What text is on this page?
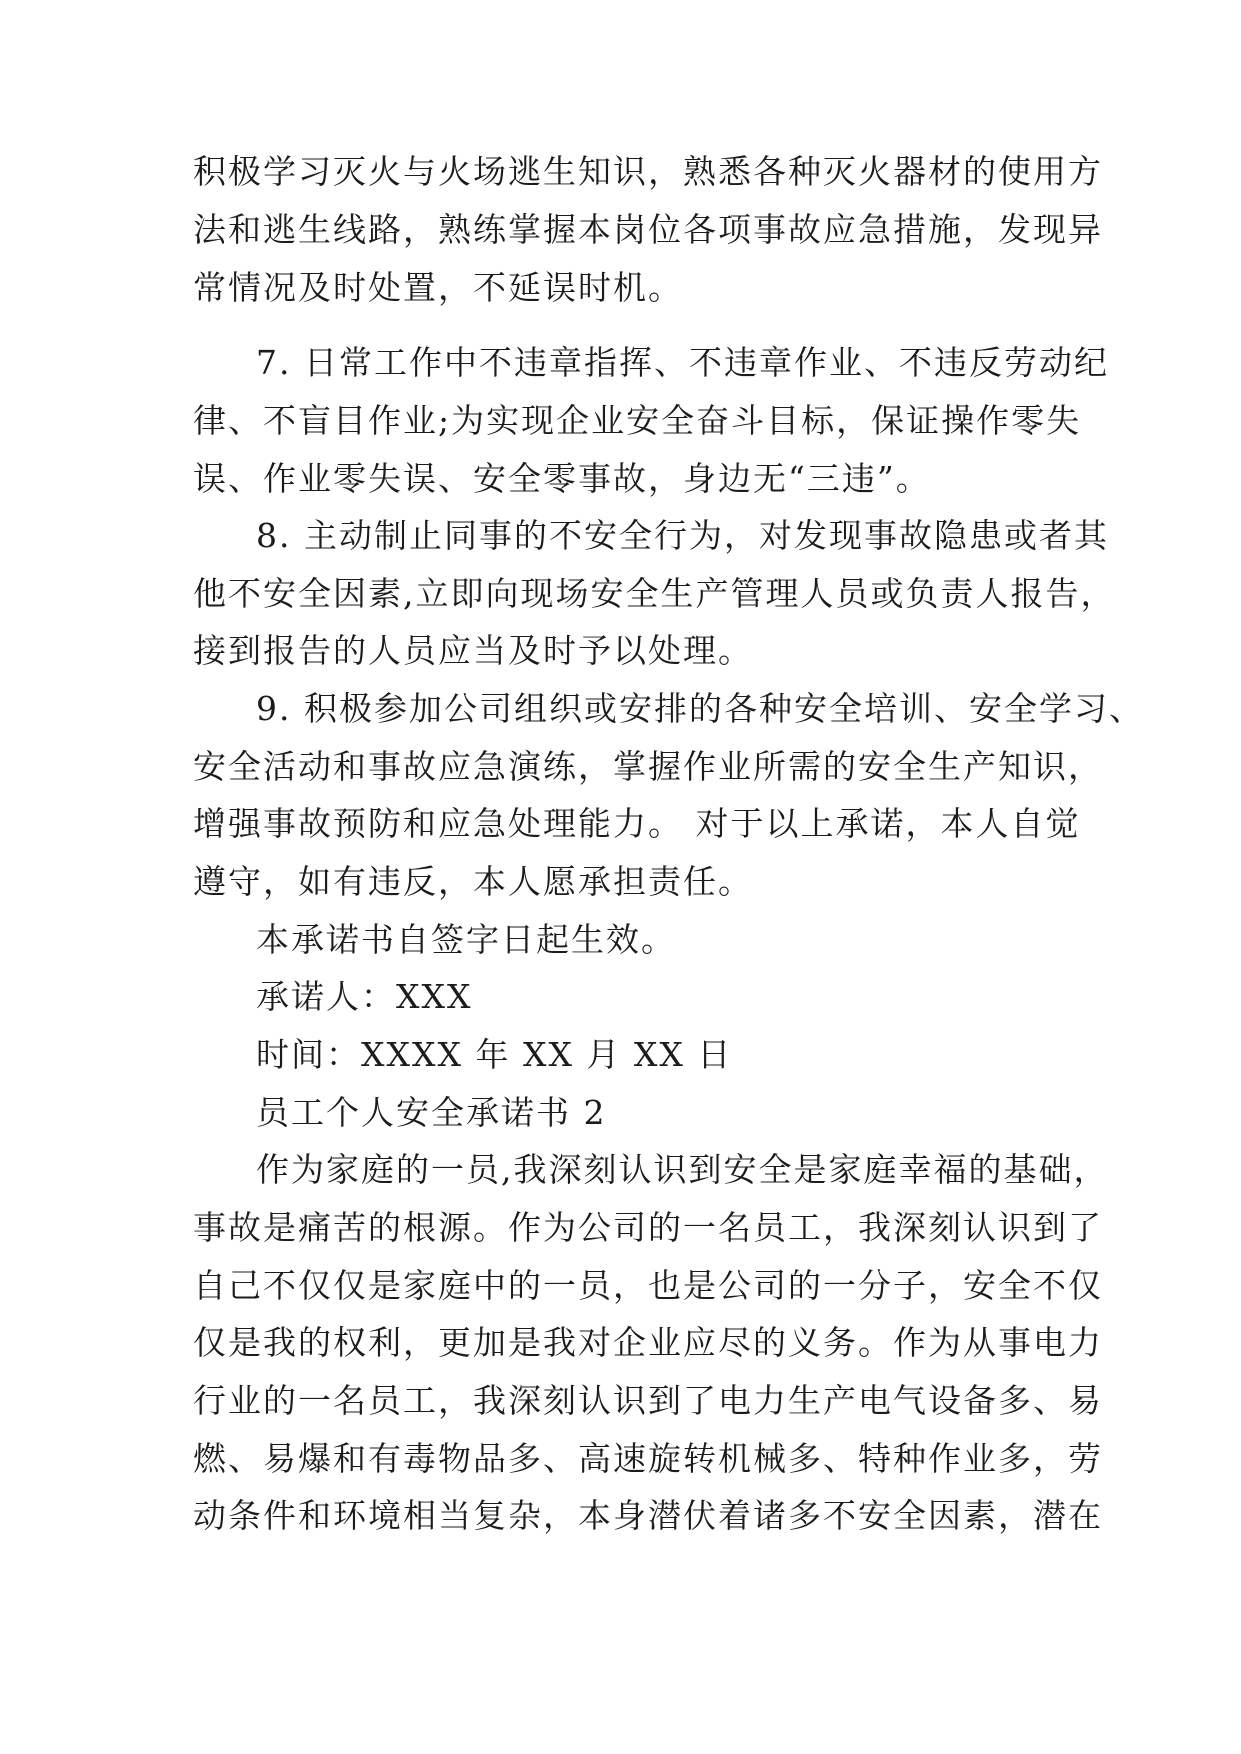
积极学习灭火与火场逃生知识，熟悉各种灭火器材的使用方
法和逃生线路，熟练掌握本岗位各项事故应急措施，发现异
常情况及时处置，不延误时机。
7. 日常工作中不违章指挥、不违章作业、不违反劳动纪
律、不盲目作业;为实现企业安全奋斗目标，保证操作零失
误、作业零失误、安全零事故，身边无“三违”。
8. 主动制止同事的不安全行为，对发现事故隐患或者其
他不安全因素,立即向现场安全生产管理人员或负责人报告，
接到报告的人员应当及时予以处理。
9. 积极参加公司组织或安排的各种安全培训、安全学习、
安全活动和事故应急演练，掌握作业所需的安全生产知识，
增强事故预防和应急处理能力。 对于以上承诺，本人自觉
遵守，如有违反，本人愿承担责任。
本承诺书自签字日起生效。
承诺人：XXX
时间：XXXX 年 XX 月 XX 日
员工个人安全承诺书 2
作为家庭的一员,我深刻认识到安全是家庭幸福的基础，
事故是痛苦的根源。作为公司的一名员工，我深刻认识到了
自己不仅仅是家庭中的一员，也是公司的一分子，安全不仅
仅是我的权利，更加是我对企业应尽的义务。作为从事电力
行业的一名员工，我深刻认识到了电力生产电气设备多、易
燃、易爆和有毒物品多、高速旋转机械多、特种作业多，劳
动条件和环境相当复杂，本身潜伏着诸多不安全因素，潜在
